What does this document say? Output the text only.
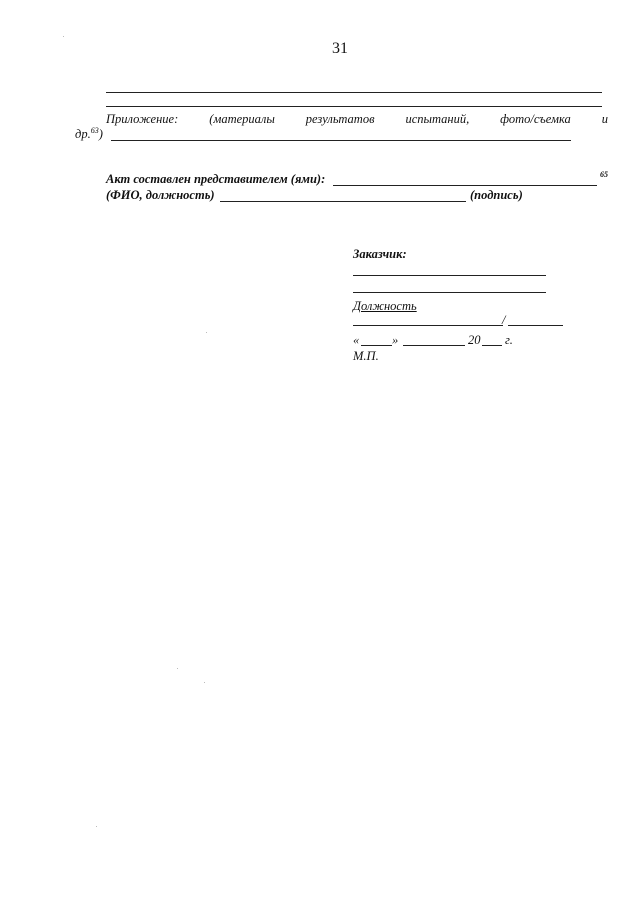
31
Приложение: (материалы результатов испытаний, фото/съемка и
др.$^{63}$)
Акт составлен представителем (ями):	65
(ФИО, должность)	(подпись)
Заказчик:
Должность
/
«	»	20 г.
М.П.
